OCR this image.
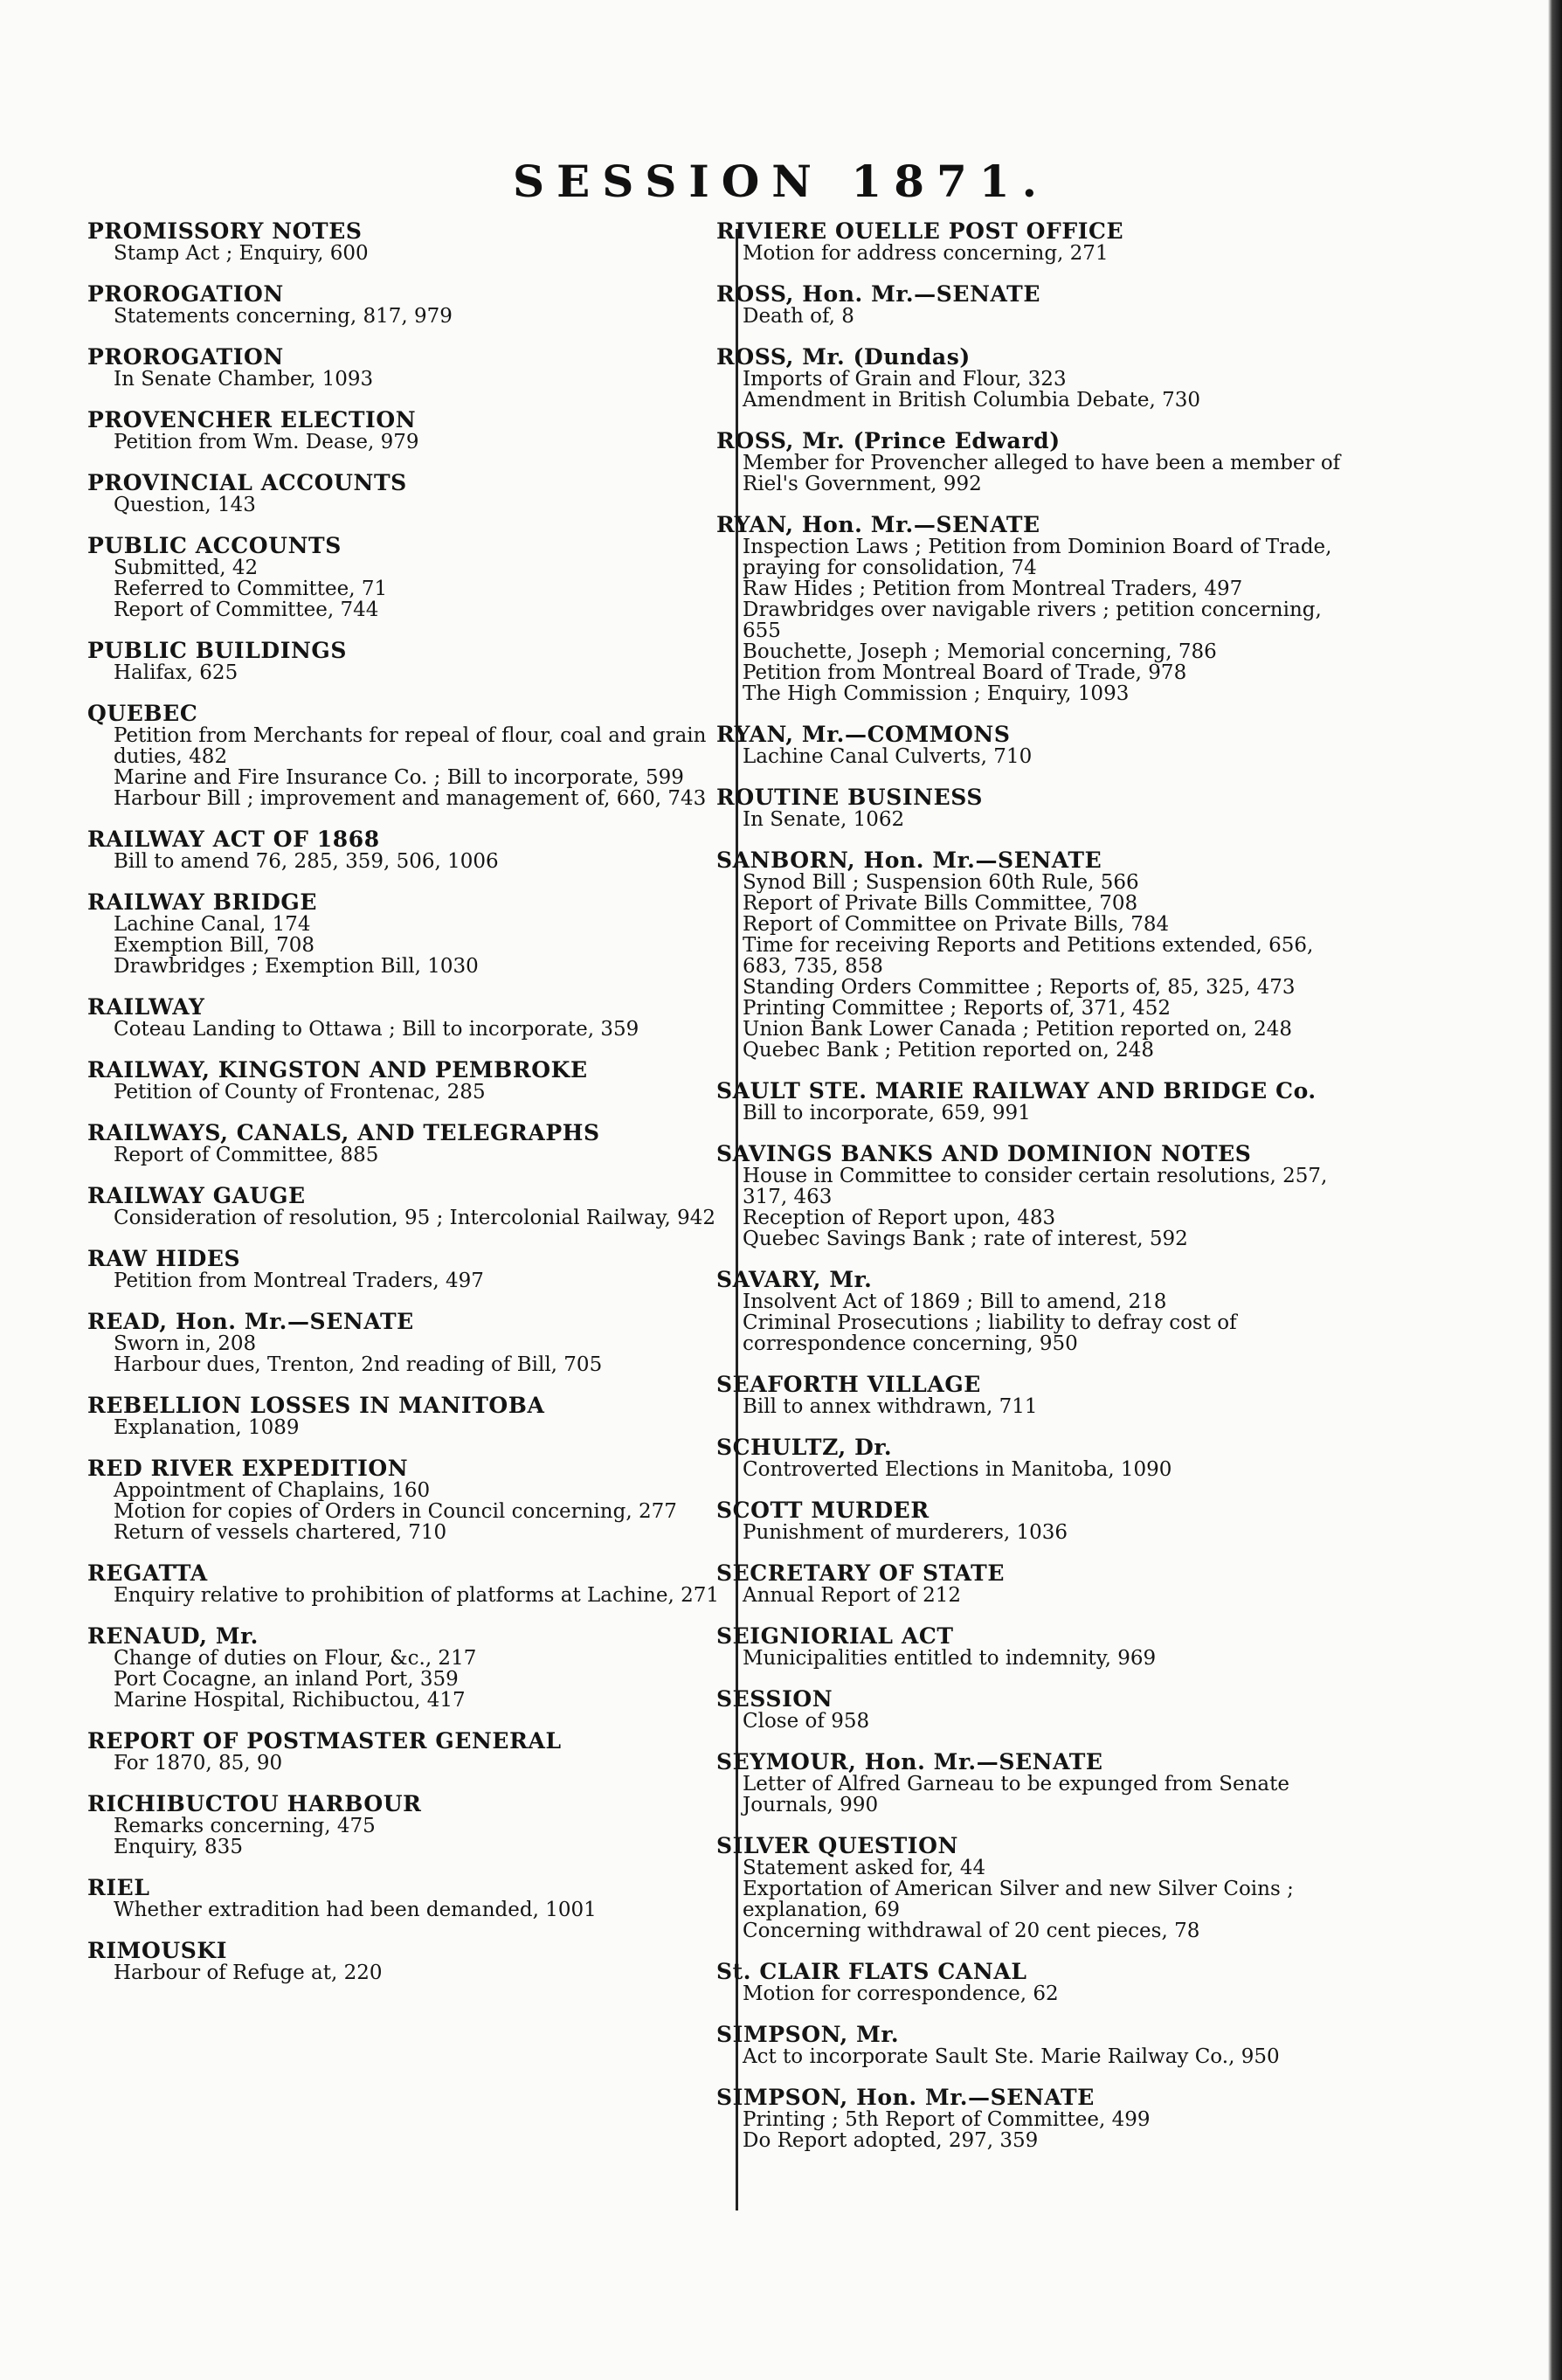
SESSION 1871.
PROMISSORY NOTES
Stamp Act ; Enquiry, 600
PROROGATION
Statements concerning, 817, 979
PROROGATION
In Senate Chamber, 1093
PROVENCHER ELECTION
Petition from Wm. Dease, 979
PROVINCIAL ACCOUNTS
Question, 143
PUBLIC ACCOUNTS
Submitted, 42
Referred to Committee, 71
Report of Committee, 744
PUBLIC BUILDINGS
Halifax, 625
QUEBEC
Petition from Merchants for repeal of flour, coal and grain duties, 482
Marine and Fire Insurance Co. ; Bill to incorporate, 599
Harbour Bill ; improvement and management of, 660, 743
RAILWAY ACT OF 1868
Bill to amend 76, 285, 359, 506, 1006
RAILWAY BRIDGE
Lachine Canal, 174
Exemption Bill, 708
Drawbridges ; Exemption Bill, 1030
RAILWAY
Coteau Landing to Ottawa ; Bill to incorporate, 359
RAILWAY, KINGSTON AND PEMBROKE
Petition of County of Frontenac, 285
RAILWAYS, CANALS, AND TELEGRAPHS
Report of Committee, 885
RAILWAY GAUGE
Consideration of resolution, 95 ; Intercolonial Railway, 942
RAW HIDES
Petition from Montreal Traders, 497
READ, Hon. Mr.—SENATE
Sworn in, 208
Harbour dues, Trenton, 2nd reading of Bill, 705
REBELLION LOSSES IN MANITOBA
Explanation, 1089
RED RIVER EXPEDITION
Appointment of Chaplains, 160
Motion for copies of Orders in Council concerning, 277
Return of vessels chartered, 710
REGATTA
Enquiry relative to prohibition of platforms at Lachine, 271
RENAUD, Mr.
Change of duties on Flour, &c., 217
Port Cocagne, an inland Port, 359
Marine Hospital, Richibuctou, 417
REPORT OF POSTMASTER GENERAL
For 1870, 85, 90
RICHIBUCTOU HARBOUR
Remarks concerning, 475
Enquiry, 835
RIEL
Whether extradition had been demanded, 1001
RIMOUSKI
Harbour of Refuge at, 220
RIVIERE OUELLE POST OFFICE
Motion for address concerning, 271
ROSS, Hon. Mr.—SENATE
Death of, 8
ROSS, Mr. (Dundas)
Imports of Grain and Flour, 323
Amendment in British Columbia Debate, 730
ROSS, Mr. (Prince Edward)
Member for Provencher alleged to have been a member of Riel's Government, 992
RYAN, Hon. Mr.—SENATE
Inspection Laws ; Petition from Dominion Board of Trade, praying for consolidation, 74
Raw Hides ; Petition from Montreal Traders, 497
Drawbridges over navigable rivers ; petition concerning, 655
Bouchette, Joseph ; Memorial concerning, 786
Petition from Montreal Board of Trade, 978
The High Commission ; Enquiry, 1093
RYAN, Mr.—COMMONS
Lachine Canal Culverts, 710
ROUTINE BUSINESS
In Senate, 1062
SANBORN, Hon. Mr.—SENATE
Synod Bill ; Suspension 60th Rule, 566
Report of Private Bills Committee, 708
Report of Committee on Private Bills, 784
Time for receiving Reports and Petitions extended, 656, 683, 735, 858
Standing Orders Committee ; Reports of, 85, 325, 473
Printing Committee ; Reports of, 371, 452
Union Bank Lower Canada ; Petition reported on, 248
Quebec Bank ; Petition reported on, 248
SAULT STE. MARIE RAILWAY AND BRIDGE Co.
Bill to incorporate, 659, 991
SAVINGS BANKS AND DOMINION NOTES
House in Committee to consider certain resolutions, 257, 317, 463
Reception of Report upon, 483
Quebec Savings Bank ; rate of interest, 592
SAVARY, Mr.
Insolvent Act of 1869 ; Bill to amend, 218
Criminal Prosecutions ; liability to defray cost of correspondence concerning, 950
SEAFORTH VILLAGE
Bill to annex withdrawn, 711
SCHULTZ, Dr.
Controverted Elections in Manitoba, 1090
SCOTT MURDER
Punishment of murderers, 1036
SECRETARY OF STATE
Annual Report of 212
SEIGNIORIAL ACT
Municipalities entitled to indemnity, 969
SESSION
Close of 958
SEYMOUR, Hon. Mr.—SENATE
Letter of Alfred Garneau to be expunged from Senate Journals, 990
SILVER QUESTION
Statement asked for, 44
Exportation of American Silver and new Silver Coins ; explanation, 69
Concerning withdrawal of 20 cent pieces, 78
St. CLAIR FLATS CANAL
Motion for correspondence, 62
SIMPSON, Mr.
Act to incorporate Sault Ste. Marie Railway Co., 950
SIMPSON, Hon. Mr.—SENATE
Printing ; 5th Report of Committee, 499
Do Report adopted, 297, 359
